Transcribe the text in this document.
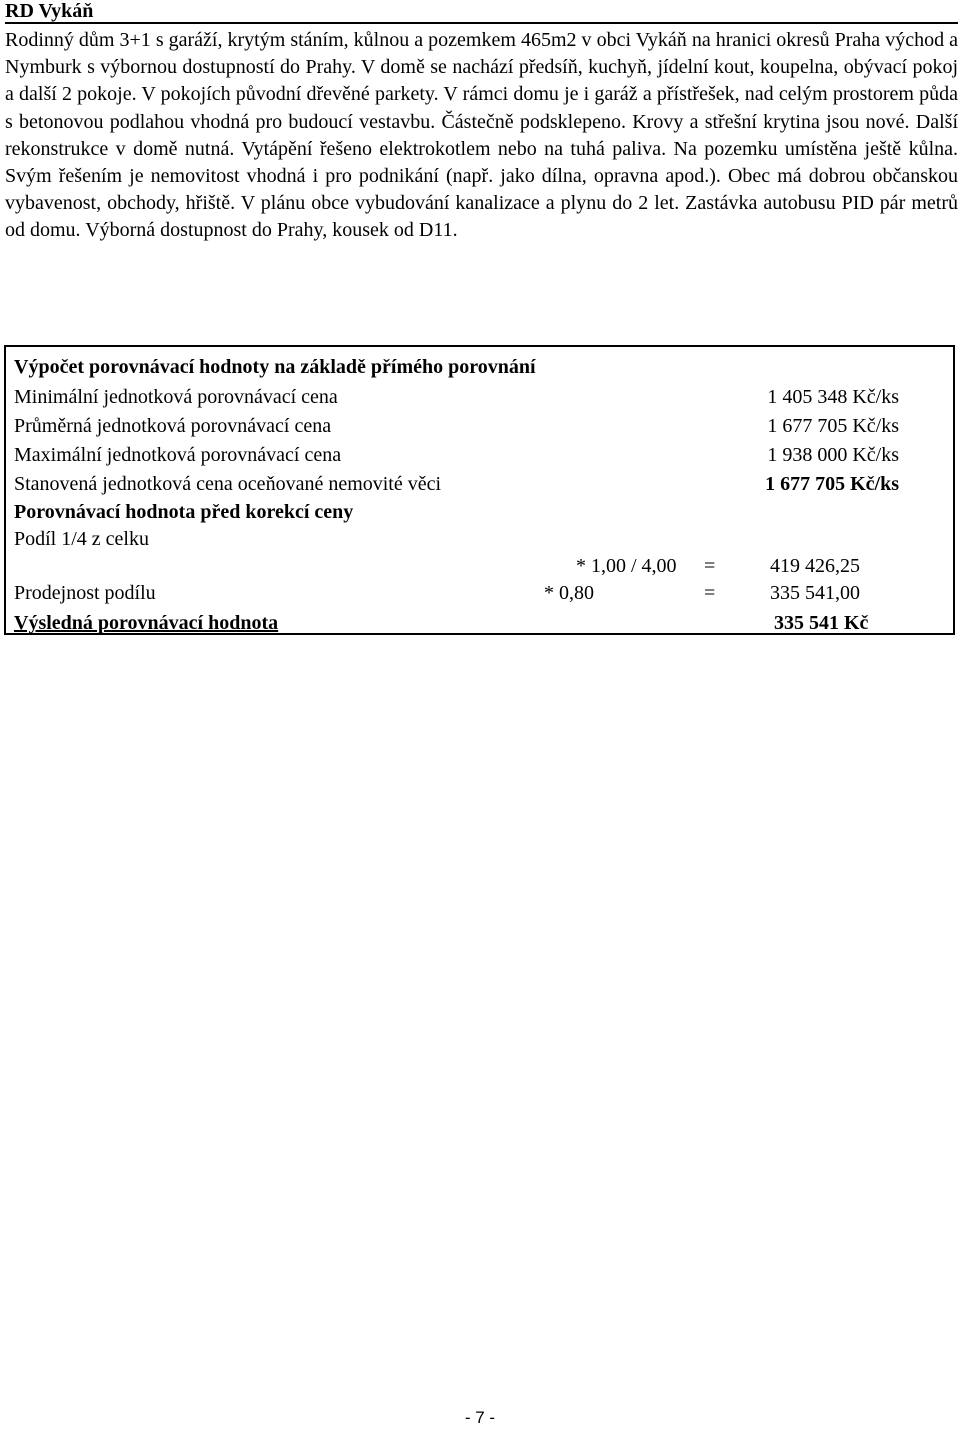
RD Vykáň

Rodinný dům 3+1 s garáží, krytým stáním, kůlnou a pozemkem 465m2 v obci Vykáň na hranici okresů Praha východ a Nymburk s výbornou dostupností do Prahy. V domě se nachází předsíň, kuchyň, jídelní kout, koupelna, obývací pokoj a další 2 pokoje. V pokojích původní dřevěné parkety. V rámci domu je i garáž a přístřešek, nad celým prostorem půda s betonovou podlahou vhodná pro budoucí vestavbu. Částečně podsklepeno. Krovy a střešní krytina jsou nové. Další rekonstrukce v domě nutná. Vytápění řešeno elektrokotlem nebo na tuhá paliva. Na pozemku umístěna ještě kůlna. Svým řešením je nemovitost vhodná i pro podnikání (např. jako dílna, opravna apod.). Obec má dobrou občanskou vybavenost, obchody, hřiště. V plánu obce vybudování kanalizace a plynu do 2 let. Zastávka autobusu PID pár metrů od domu. Výborná dostupnost do Prahy, kousek od D11.

Výpočet porovnávací hodnoty na základě přímého porovnání
Minimální jednotková porovnávací cena	1 405 348 Kč/ks
Průměrná jednotková porovnávací cena	1 677 705 Kč/ks
Maximální jednotková porovnávací cena	1 938 000 Kč/ks
Stanovená jednotková cena oceňované nemovité věci	1 677 705 Kč/ks
Porovnávací hodnota před korekcí ceny
Podíl 1/4 z celku
* 1,00 / 4,00 =	419 426,25
Prodejnost podílu	* 0,80	=	335 541,00
Výsledná porovnávací hodnota	335 541 Kč
- 7 -
